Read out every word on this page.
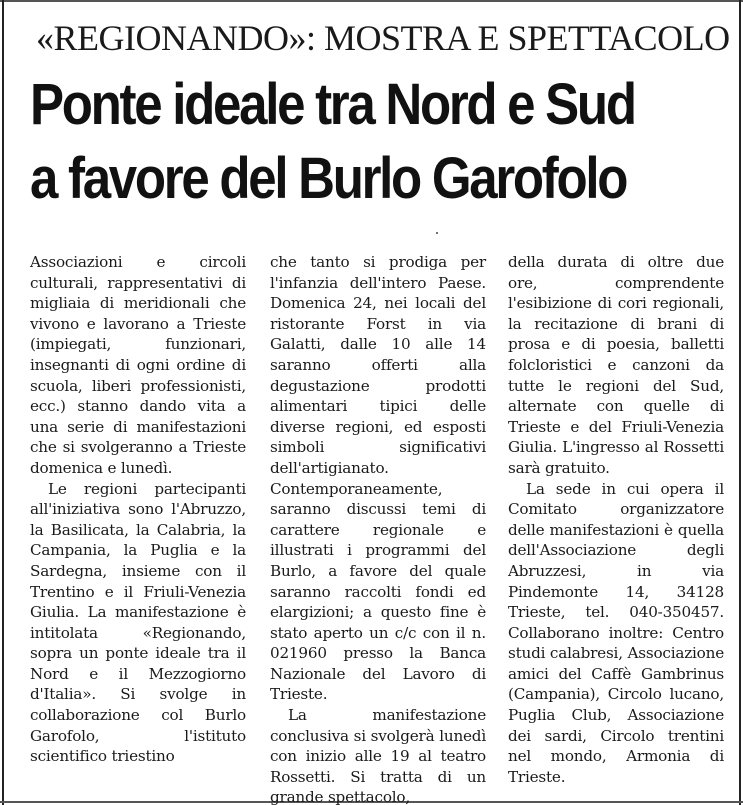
«REGIONANDO»: MOSTRA E SPETTACOLO
Ponte ideale tra Nord e Sud
a favore del Burlo Garofolo

Associazioni e circoli culturali, rappresentativi di migliaia di meridionali che vivono e lavorano a Trieste (impiegati, funzionari, insegnanti di ogni ordine di scuola, liberi professionisti, ecc.) stanno dando vita a una serie di manifestazioni che si svolgeranno a Trieste domenica e lunedì.

Le regioni partecipanti all'iniziativa sono l'Abruzzo, la Basilicata, la Calabria, la Campania, la Puglia e la Sardegna, insieme con il Trentino e il Friuli-Venezia Giulia. La manifestazione è intitolata «Regionando, sopra un ponte ideale tra il Nord e il Mezzogiorno d'Italia». Si svolge in collaborazione col Burlo Garofolo, l'istituto scientifico triestino

che tanto si prodiga per l'infanzia dell'intero Paese. Domenica 24, nei locali del ristorante Forst in via Galatti, dalle 10 alle 14 saranno offerti alla degustazione prodotti alimentari tipici delle diverse regioni, ed esposti simboli significativi dell'artigianato. Contemporaneamente, saranno discussi temi di carattere regionale e illustrati i programmi del Burlo, a favore del quale saranno raccolti fondi ed elargizioni; a questo fine è stato aperto un c/c con il n. 021960 presso la Banca Nazionale del Lavoro di Trieste.

La manifestazione conclusiva si svolgerà lunedì con inizio alle 19 al teatro Rossetti. Si tratta di un grande spettacolo,

della durata di oltre due ore, comprendente l'esibizione di cori regionali, la recitazione di brani di prosa e di poesia, balletti folcloristici e canzoni da tutte le regioni del Sud, alternate con quelle di Trieste e del Friuli-Venezia Giulia. L'ingresso al Rossetti sarà gratuito.

La sede in cui opera il Comitato organizzatore delle manifestazioni è quella dell'Associazione degli Abruzzesi, in via Pindemonte 14, 34128 Trieste, tel. 040-350457. Collaborano inoltre: Centro studi calabresi, Associazione amici del Caffè Gambrinus (Campania), Circolo lucano, Puglia Club, Associazione dei sardi, Circolo trentini nel mondo, Armonia di Trieste.
